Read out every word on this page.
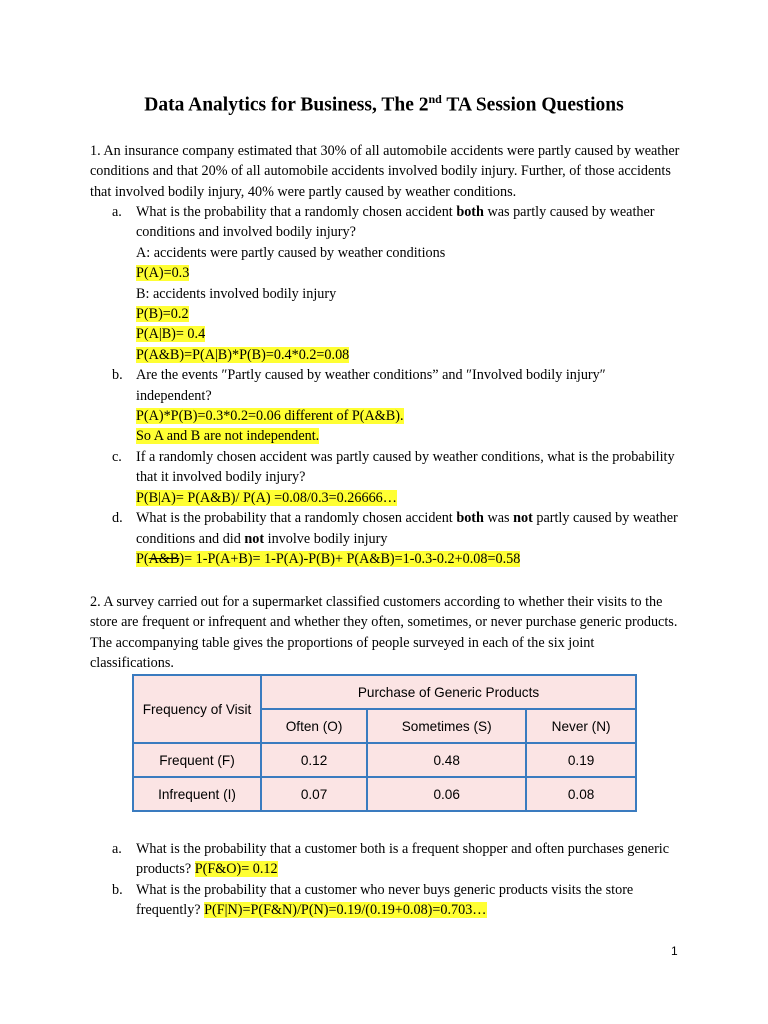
Data Analytics for Business, The 2nd TA Session Questions
1. An insurance company estimated that 30% of all automobile accidents were partly caused by weather conditions and that 20% of all automobile accidents involved bodily injury. Further, of those accidents that involved bodily injury, 40% were partly caused by weather conditions.
a. What is the probability that a randomly chosen accident both was partly caused by weather conditions and involved bodily injury?
A: accidents were partly caused by weather conditions
P(A)=0.3
B: accidents involved bodily injury
P(B)=0.2
P(A|B)= 0.4
P(A&B)=P(A|B)*P(B)=0.4*0.2=0.08
b. Are the events ″Partly caused by weather conditions” and ″Involved bodily injury″ independent?
P(A)*P(B)=0.3*0.2=0.06 different of P(A&B).
So A and B are not independent.
c. If a randomly chosen accident was partly caused by weather conditions, what is the probability that it involved bodily injury?
P(B|A)= P(A&B)/ P(A) =0.08/0.3=0.26666…
d. What is the probability that a randomly chosen accident both was not partly caused by weather conditions and did not involve bodily injury
P(A&B)= 1-P(A+B)= 1-P(A)-P(B)+ P(A&B)=1-0.3-0.2+0.08=0.58
2. A survey carried out for a supermarket classified customers according to whether their visits to the store are frequent or infrequent and whether they often, sometimes, or never purchase generic products. The accompanying table gives the proportions of people surveyed in each of the six joint classifications.
Frequency of Visit	Purchase of Generic Products		
	Often (O)	Sometimes (S)	Never (N)
Frequent (F)	0.12	0.48	0.19
Infrequent (I)	0.07	0.06	0.08
a. What is the probability that a customer both is a frequent shopper and often purchases generic products? P(F&O)= 0.12
b. What is the probability that a customer who never buys generic products visits the store frequently? P(F|N)=P(F&N)/P(N)=0.19/(0.19+0.08)=0.703…
1
